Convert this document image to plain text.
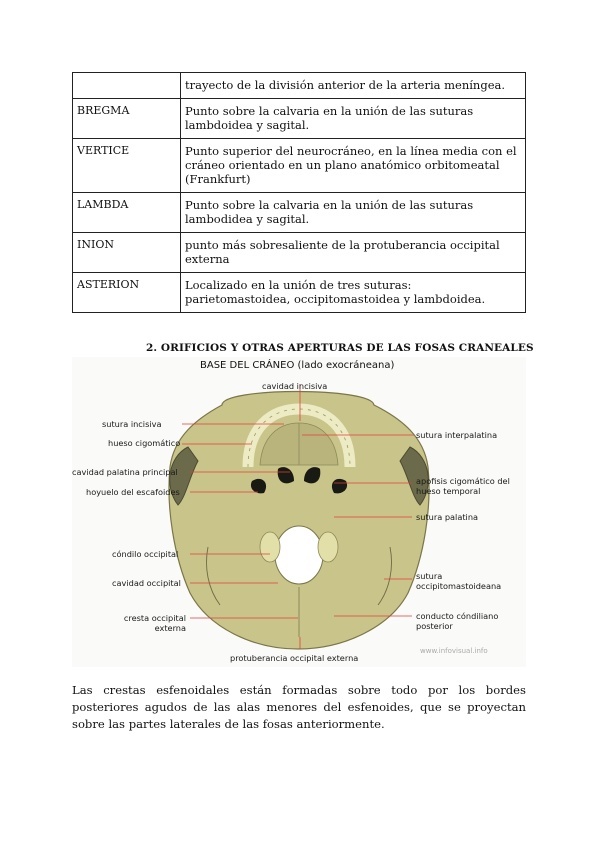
	trayecto de la división anterior de la arteria meníngea.
BREGMA	Punto sobre la calvaria en la unión de las suturas lambdoidea y sagital.
VERTICE	Punto superior del neurocráneo, en la línea media con el cráneo orientado en un plano anatómico orbitomeatal (Frankfurt)
LAMBDA	Punto sobre la calvaria en la unión de las suturas lambodidea y sagital.
INION	punto más sobresaliente de la protuberancia occipital externa
ASTERION	Localizado en la unión de tres suturas: parietomastoidea, occipitomastoidea y lambdoidea.
2. ORIFICIOS Y OTRAS APERTURAS DE LAS FOSAS CRANEALES
BASE DEL CRÁNEO (lado exocráneana)
cavidad incisiva
sutura incisiva
hueso cigomático
cavidad palatina principal
hoyuelo del escafoides
cóndilo occipital
cavidad occipital
cresta occipital externa
sutura interpalatina
apofisis cigomático del hueso temporal
sutura palatina
sutura occipitomastoideana
conducto cóndiliano posterior
protuberancia occipital externa
www.infovisual.info
Las crestas esfenoidales están formadas sobre todo por los bordes posteriores agudos de las alas menores del esfenoides, que se proyectan sobre las partes laterales de las fosas anteriormente.
